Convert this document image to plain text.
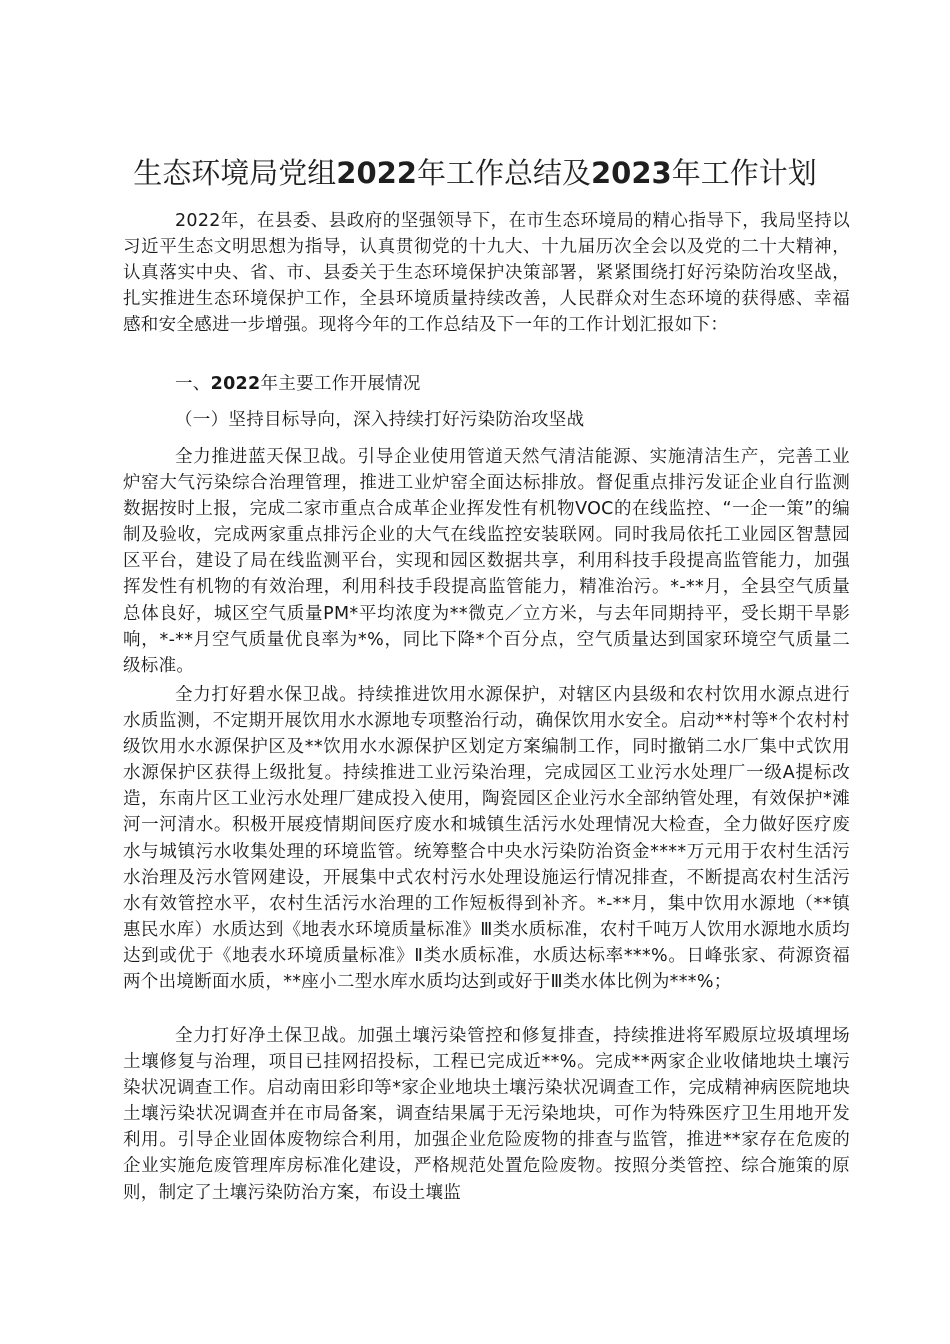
生态环境局党组2022年工作总结及2023年工作计划

2022年，在县委、县政府的坚强领导下，在市生态环境局的精心指导下，我局坚持以习近平生态文明思想为指导，认真贯彻党的十九大、十九届历次全会以及党的二十大精神，认真落实中央、省、市、县委关于生态环境保护决策部署，紧紧围绕打好污染防治攻坚战，扎实推进生态环境保护工作，全县环境质量持续改善，人民群众对生态环境的获得感、幸福感和安全感进一步增强。现将今年的工作总结及下一年的工作计划汇报如下：

一、2022年主要工作开展情况
（一）坚持目标导向，深入持续打好污染防治攻坚战

全力推进蓝天保卫战。引导企业使用管道天然气清洁能源、实施清洁生产，完善工业炉窑大气污染综合治理管理，推进工业炉窑全面达标排放。督促重点排污发证企业自行监测数据按时上报，完成二家市重点合成革企业挥发性有机物VOC的在线监控、“一企一策”的编制及验收，完成两家重点排污企业的大气在线监控安装联网。同时我局依托工业园区智慧园区平台，建设了局在线监测平台，实现和园区数据共享，利用科技手段提高监管能力，加强挥发性有机物的有效治理，利用科技手段提高监管能力，精准治污。*-**月，全县空气质量总体良好，城区空气质量PM*平均浓度为**微克／立方米，与去年同期持平，受长期干旱影响，*-**月空气质量优良率为*%，同比下降*个百分点，空气质量达到国家环境空气质量二级标准。

全力打好碧水保卫战。持续推进饮用水源保护，对辖区内县级和农村饮用水源点进行水质监测，不定期开展饮用水水源地专项整治行动，确保饮用水安全。启动**村等*个农村村级饮用水水源保护区及**饮用水水源保护区划定方案编制工作，同时撤销二水厂集中式饮用水源保护区获得上级批复。持续推进工业污染治理，完成园区工业污水处理厂一级A提标改造，东南片区工业污水处理厂建成投入使用，陶瓷园区企业污水全部纳管处理，有效保护*滩河一河清水。积极开展疫情期间医疗废水和城镇生活污水处理情况大检查，全力做好医疗废水与城镇污水收集处理的环境监管。统筹整合中央水污染防治资金****万元用于农村生活污水治理及污水管网建设，开展集中式农村污水处理设施运行情况排查，不断提高农村生活污水有效管控水平，农村生活污水治理的工作短板得到补齐。*-**月，集中饮用水源地（**镇惠民水库）水质达到《地表水环境质量标准》Ⅲ类水质标准，农村千吨万人饮用水源地水质均达到或优于《地表水环境质量标准》Ⅱ类水质标准，水质达标率***%。日峰张家、荷源资福两个出境断面水质，**座小二型水库水质均达到或好于Ⅲ类水体比例为***%；

全力打好净土保卫战。加强土壤污染管控和修复排查，持续推进将军殿原垃圾填埋场土壤修复与治理，项目已挂网招投标，工程已完成近**%。完成**两家企业收储地块土壤污染状况调查工作。启动南田彩印等*家企业地块土壤污染状况调查工作，完成精神病医院地块土壤污染状况调查并在市局备案，调查结果属于无污染地块，可作为特殊医疗卫生用地开发利用。引导企业固体废物综合利用，加强企业危险废物的排查与监管，推进**家存在危废的企业实施危废管理库房标准化建设，严格规范处置危险废物。按照分类管控、综合施策的原则，制定了土壤污染防治方案，布设土壤监
